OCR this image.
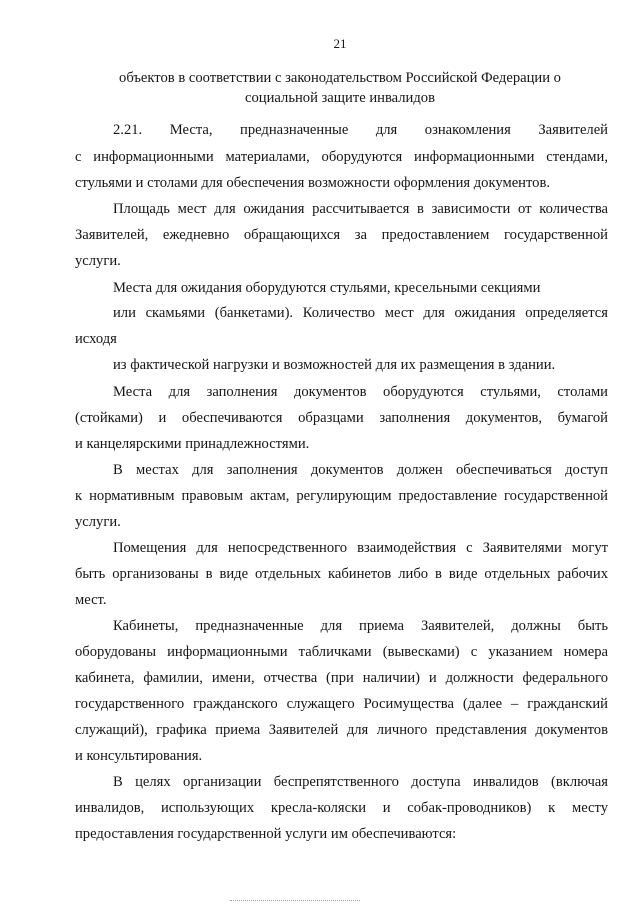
21
объектов в соответствии с законодательством Российской Федерации о
социальной защите инвалидов
2.21. Места, предназначенные для ознакомления Заявителей
с информационными материалами, оборудуются информационными стендами,
стульями и столами для обеспечения возможности оформления документов.
Площадь мест для ожидания рассчитывается в зависимости от количества
Заявителей, ежедневно обращающихся за предоставлением государственной
услуги.
Места для ожидания оборудуются стульями, кресельными секциями
или скамьями (банкетами). Количество мест для ожидания определяется
исходя
из фактической нагрузки и возможностей для их размещения в здании.
Места для заполнения документов оборудуются стульями, столами
(стойками) и обеспечиваются образцами заполнения документов, бумагой
и канцелярскими принадлежностями.
В местах для заполнения документов должен обеспечиваться доступ
к нормативным правовым актам, регулирующим предоставление государственной
услуги.
Помещения для непосредственного взаимодействия с Заявителями могут
быть организованы в виде отдельных кабинетов либо в виде отдельных рабочих
мест.
Кабинеты, предназначенные для приема Заявителей, должны быть
оборудованы информационными табличками (вывесками) с указанием номера
кабинета, фамилии, имени, отчества (при наличии) и должности федерального
государственного гражданского служащего Росимущества (далее – гражданский
служащий), графика приема Заявителей для личного представления документов
и консультирования.
В целях организации беспрепятственного доступа инвалидов (включая
инвалидов, использующих кресла-коляски и собак-проводников) к месту
предоставления государственной услуги им обеспечиваются:
